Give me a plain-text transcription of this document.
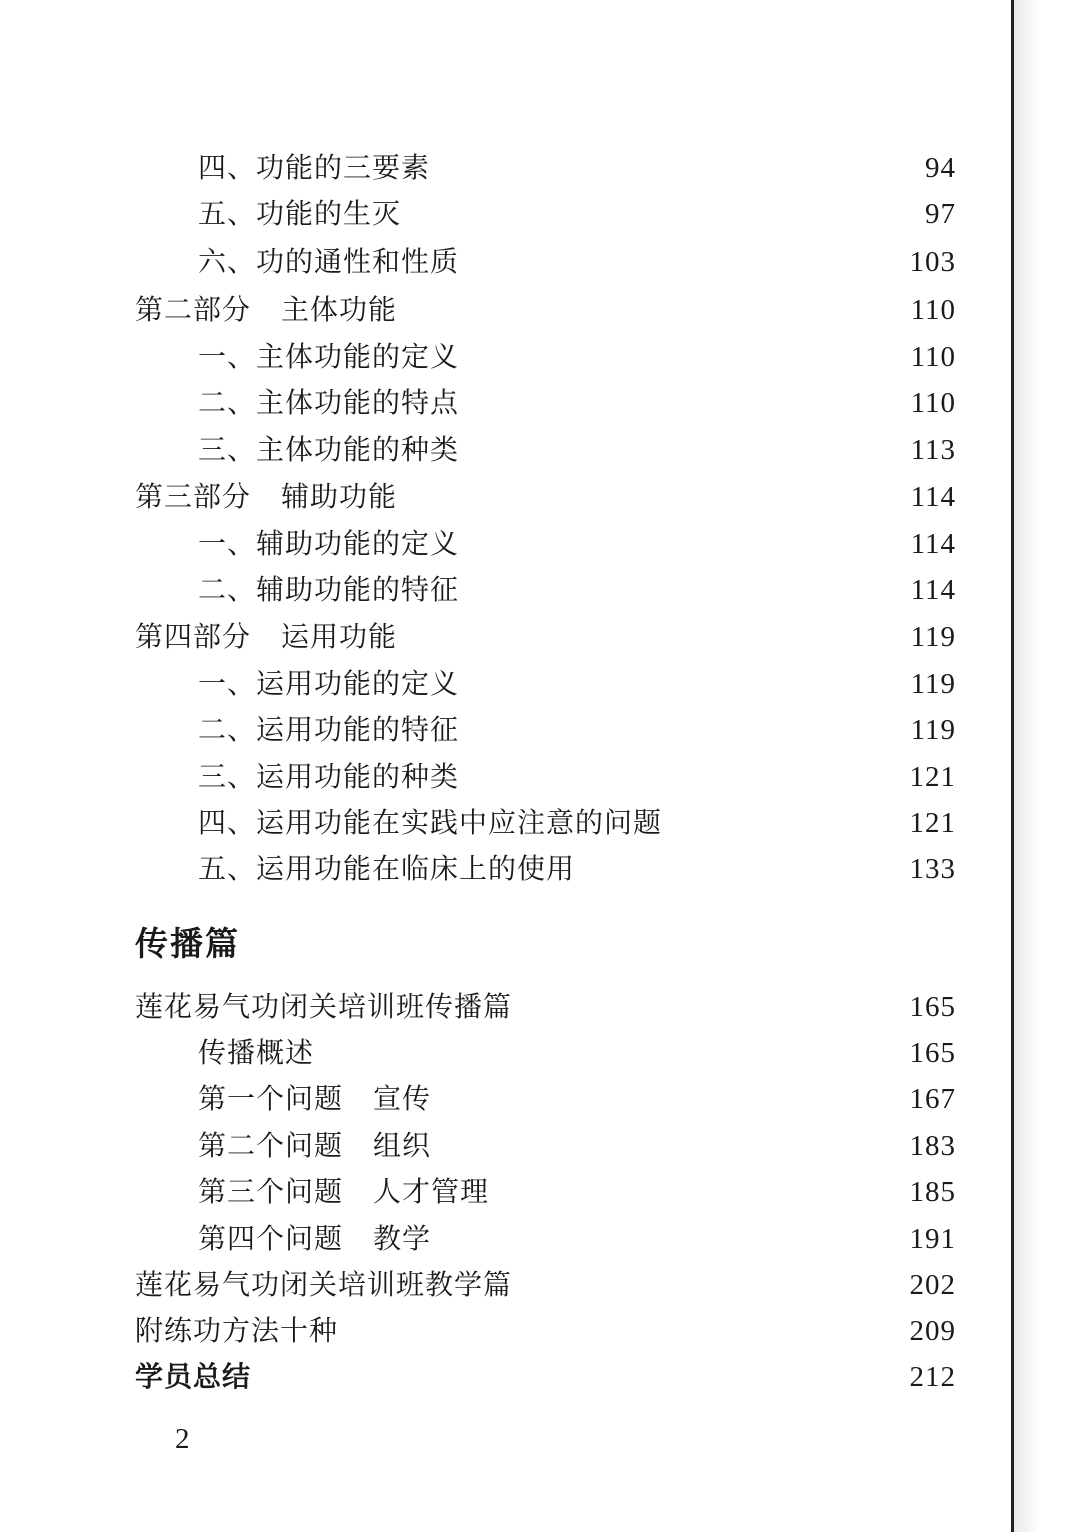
四、功能的三要素	94
五、功能的生灭	97
六、功的通性和性质	103
第二部分 主体功能	110
一、主体功能的定义	110
二、主体功能的特点	110
三、主体功能的种类	113
第三部分 辅助功能	114
一、辅助功能的定义	114
二、辅助功能的特征	114
第四部分 运用功能	119
一、运用功能的定义	119
二、运用功能的特征	119
三、运用功能的种类	121
四、运用功能在实践中应注意的问题	121
五、运用功能在临床上的使用	133
传播篇
莲花易气功闭关培训班传播篇	165
传播概述	165
第一个问题 宣传	167
第二个问题 组织	183
第三个问题 人才管理	185
第四个问题 教学	191
莲花易气功闭关培训班教学篇	202
附练功方法十种	209
学员总结	212
2
